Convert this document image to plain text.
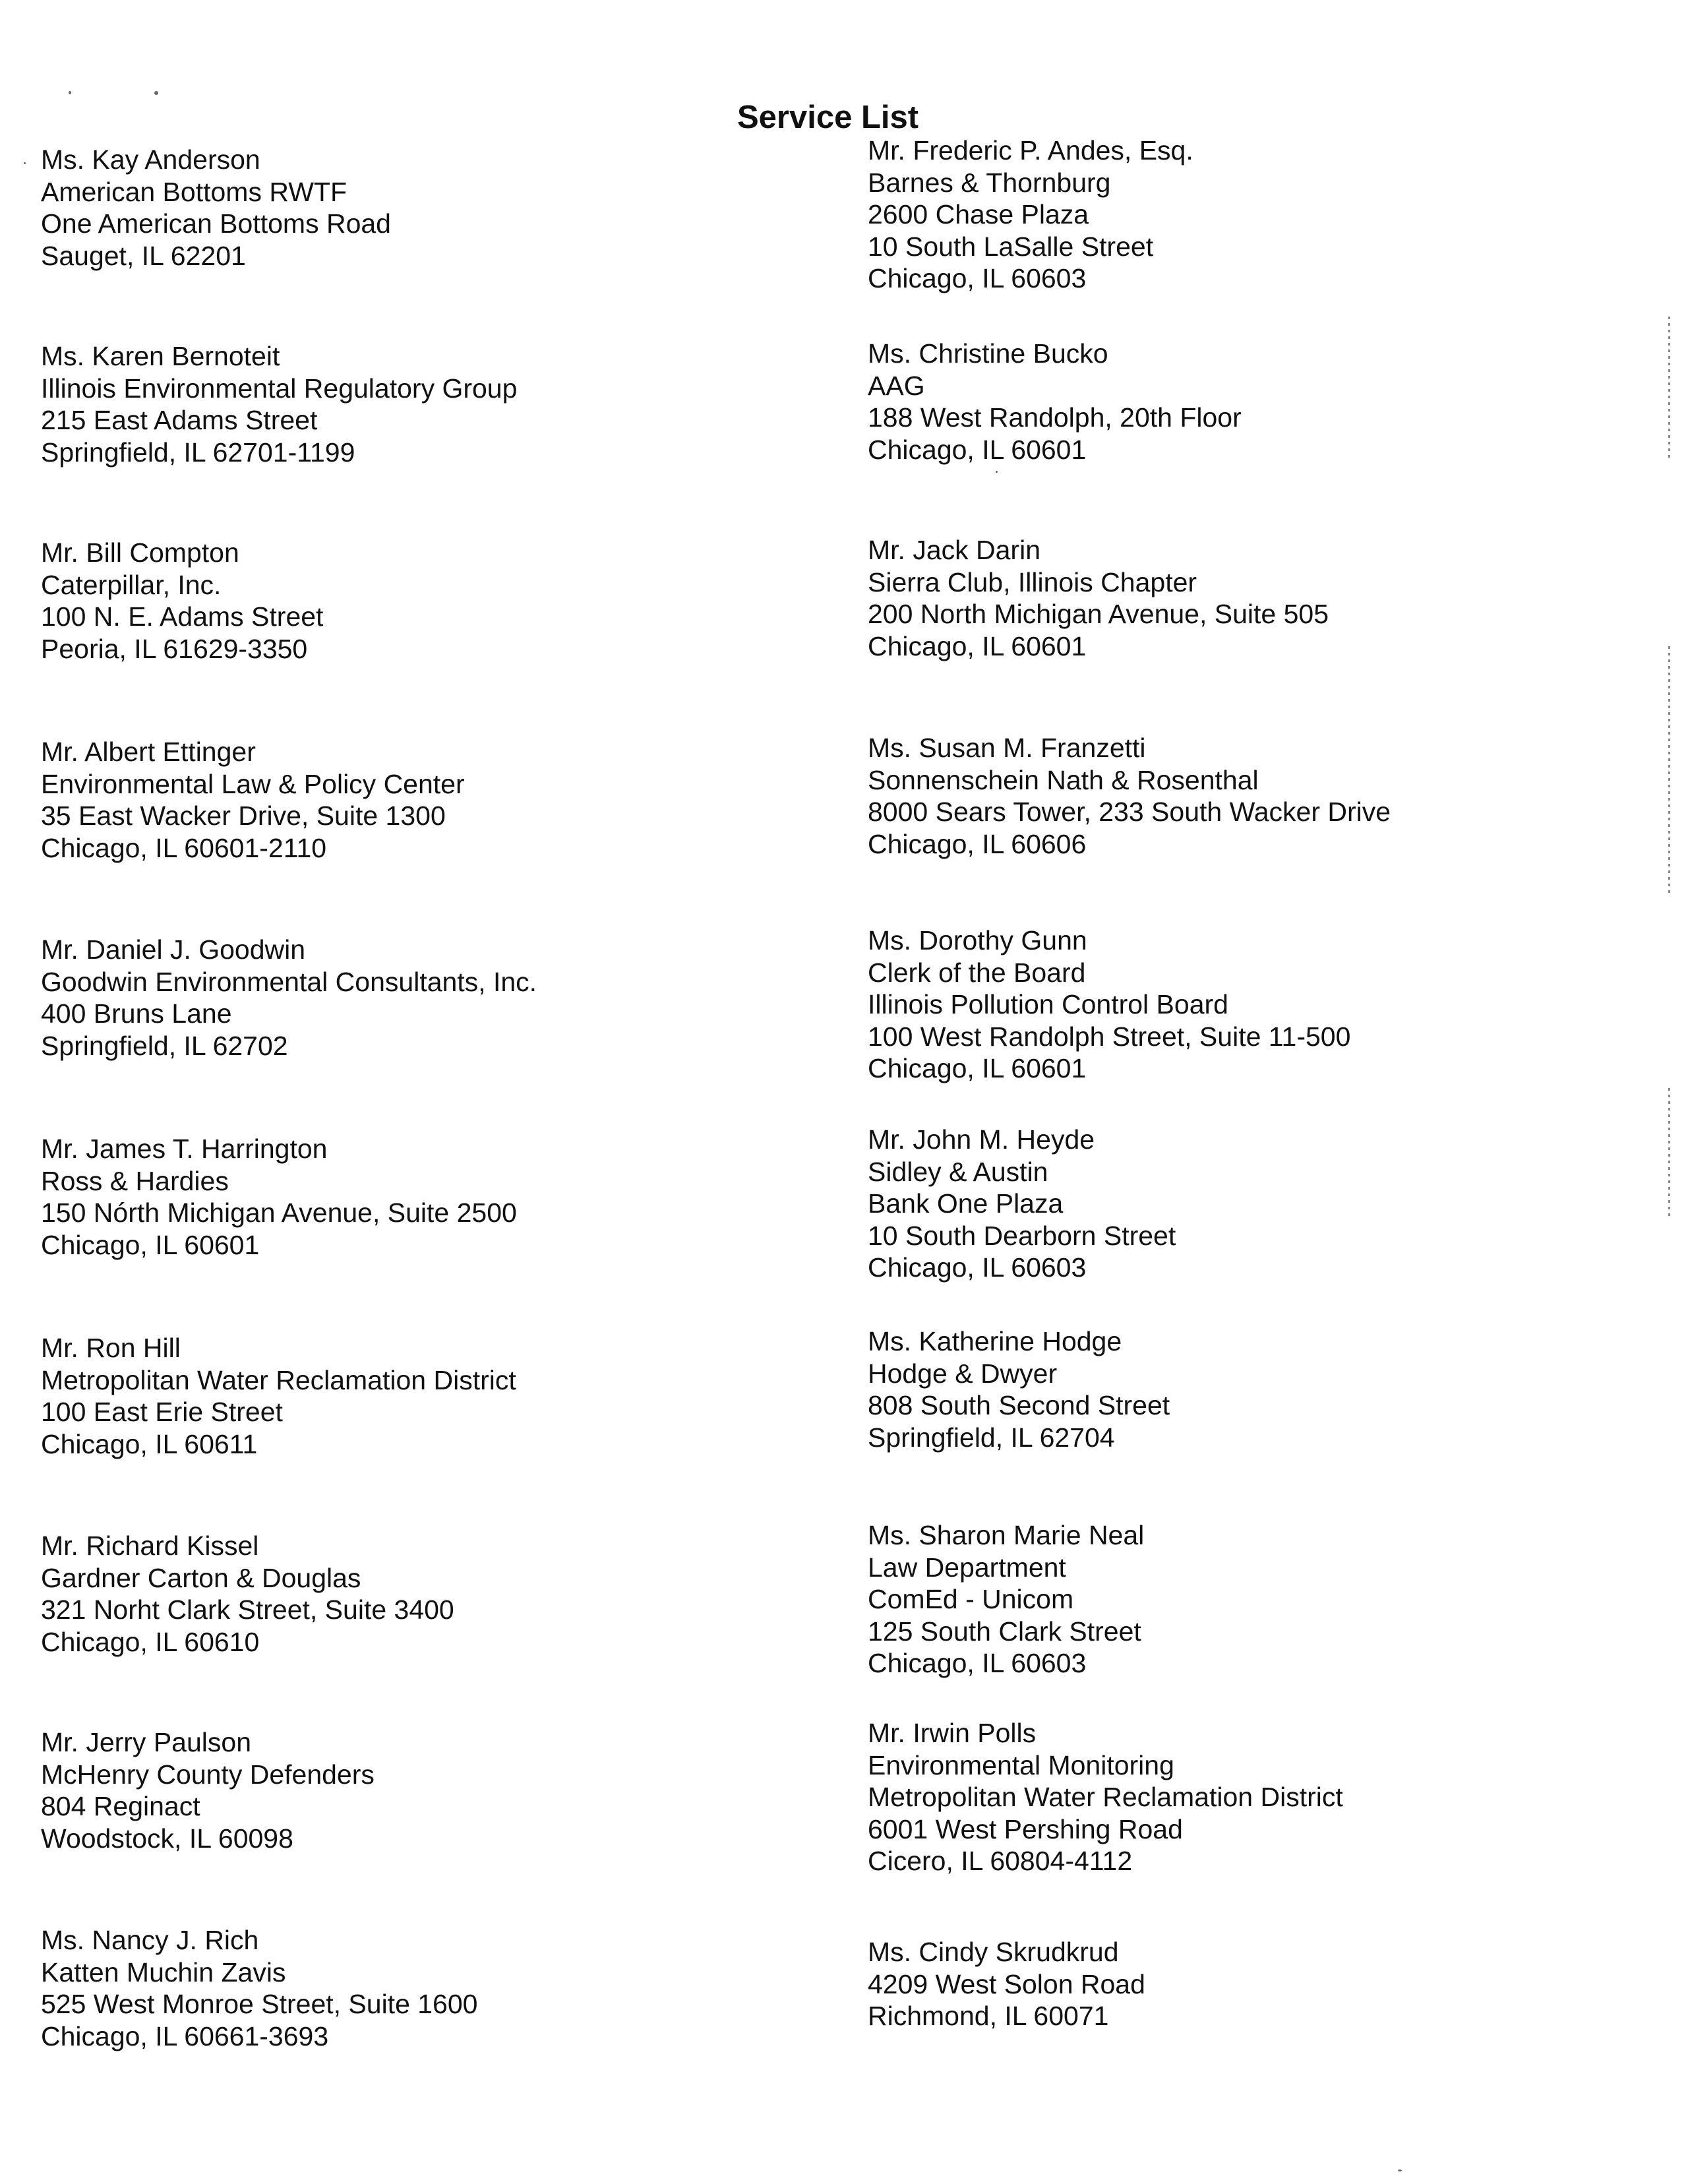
Service List
Ms. Kay Anderson
American Bottoms RWTF
One American Bottoms Road
Sauget, IL 62201
Ms. Karen Bernoteit
Illinois Environmental Regulatory Group
215 East Adams Street
Springfield, IL 62701-1199
Mr. Bill Compton
Caterpillar, Inc.
100 N. E. Adams Street
Peoria, IL 61629-3350
Mr. Albert Ettinger
Environmental Law & Policy Center
35 East Wacker Drive, Suite 1300
Chicago, IL 60601-2110
Mr. Daniel J. Goodwin
Goodwin Environmental Consultants, Inc.
400 Bruns Lane
Springfield, IL 62702
Mr. James T. Harrington
Ross & Hardies
150 Nórth Michigan Avenue, Suite 2500
Chicago, IL 60601
Mr. Ron Hill
Metropolitan Water Reclamation District
100 East Erie Street
Chicago, IL 60611
Mr. Richard Kissel
Gardner Carton & Douglas
321 Norht Clark Street, Suite 3400
Chicago, IL 60610
Mr. Jerry Paulson
McHenry County Defenders
804 Reginact
Woodstock, IL 60098
Ms. Nancy J. Rich
Katten Muchin Zavis
525 West Monroe Street, Suite 1600
Chicago, IL 60661-3693
Mr. Frederic P. Andes, Esq.
Barnes & Thornburg
2600 Chase Plaza
10 South LaSalle Street
Chicago, IL 60603
Ms. Christine Bucko
AAG
188 West Randolph, 20th Floor
Chicago, IL 60601
Mr. Jack Darin
Sierra Club, Illinois Chapter
200 North Michigan Avenue, Suite 505
Chicago, IL 60601
Ms. Susan M. Franzetti
Sonnenschein Nath & Rosenthal
8000 Sears Tower, 233 South Wacker Drive
Chicago, IL 60606
Ms. Dorothy Gunn
Clerk of the Board
Illinois Pollution Control Board
100 West Randolph Street, Suite 11-500
Chicago, IL 60601
Mr. John M. Heyde
Sidley & Austin
Bank One Plaza
10 South Dearborn Street
Chicago, IL 60603
Ms. Katherine Hodge
Hodge & Dwyer
808 South Second Street
Springfield, IL 62704
Ms. Sharon Marie Neal
Law Department
ComEd - Unicom
125 South Clark Street
Chicago, IL 60603
Mr. Irwin Polls
Environmental Monitoring
Metropolitan Water Reclamation District
6001 West Pershing Road
Cicero, IL 60804-4112
Ms. Cindy Skrudkrud
4209 West Solon Road
Richmond, IL 60071
